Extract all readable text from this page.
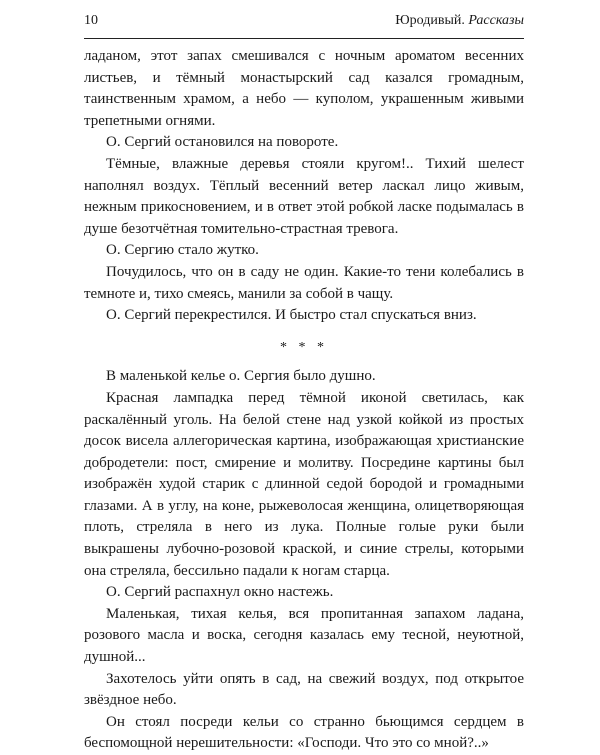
10	Юродивый. Рассказы

ладаном, этот запах смешивался с ночным ароматом весенних листьев, и тёмный монастырский сад казался громадным, таинственным храмом, а небо — куполом, украшенным живыми трепетными огнями.

О. Сергий остановился на повороте.

Тёмные, влажные деревья стояли кругом!.. Тихий шелест наполнял воздух. Тёплый весенний ветер ласкал лицо живым, нежным прикосновением, и в ответ этой робкой ласке подымалась в душе безотчётная томительно-страстная тревога.

О. Сергию стало жутко.

Почудилось, что он в саду не один. Какие-то тени колебались в темноте и, тихо смеясь, манили за собой в чащу.

О. Сергий перекрестился. И быстро стал спускаться вниз.

* * *

В маленькой келье о. Сергия было душно.

Красная лампадка перед тёмной иконой светилась, как раскалённый уголь. На белой стене над узкой койкой из простых досок висела аллегорическая картина, изображающая христианские добродетели: пост, смирение и молитву. Посредине картины был изображён худой старик с длинной седой бородой и громадными глазами. А в углу, на коне, рыжеволосая женщина, олицетворяющая плоть, стреляла в него из лука. Полные голые руки были выкрашены лубочно-розовой краской, и синие стрелы, которыми она стреляла, бессильно падали к ногам старца.

О. Сергий распахнул окно настежь.

Маленькая, тихая келья, вся пропитанная запахом ладана, розового масла и воска, сегодня казалась ему тесной, неуютной, душной...

Захотелось уйти опять в сад, на свежий воздух, под открытое звёздное небо.

Он стоял посреди кельи со странно бьющимся сердцем в беспомощной нерешительности: «Господи. Что это со мной?..»
